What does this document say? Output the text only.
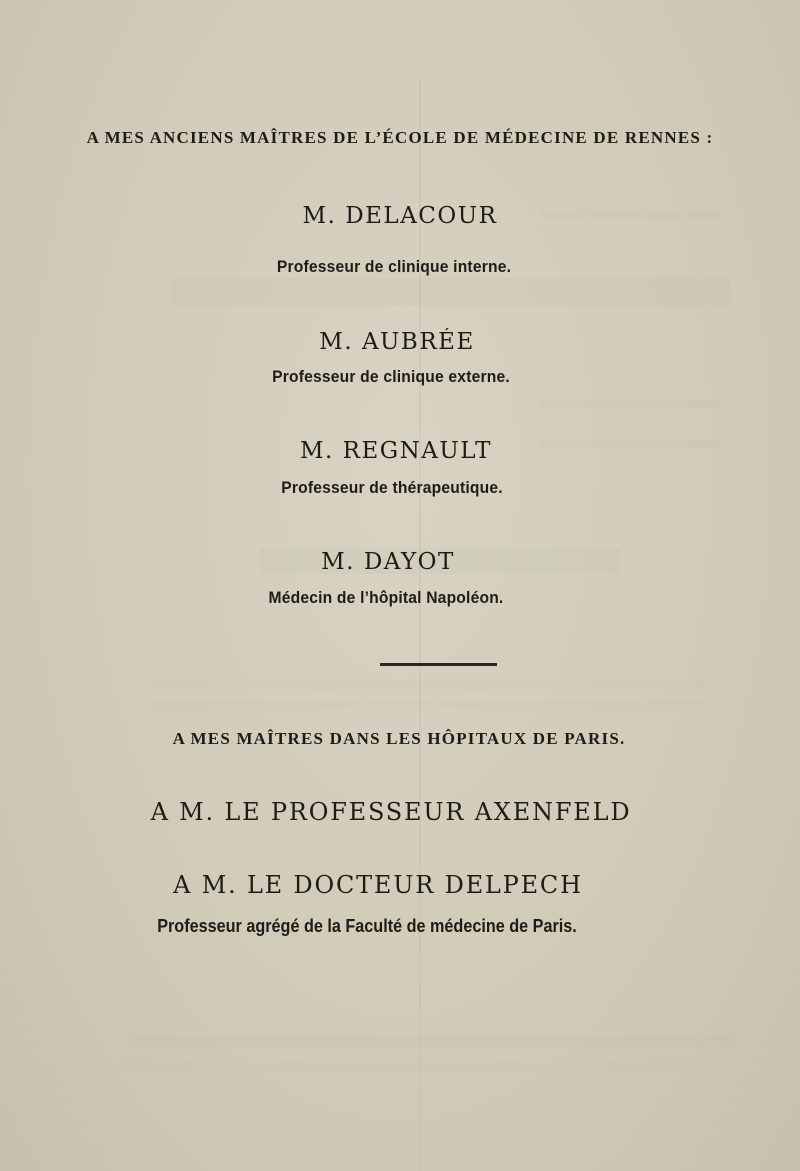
A MES ANCIENS MAÎTRES DE L’ÉCOLE DE MÉDECINE DE RENNES :
M. DELACOUR
Professeur de clinique interne.
M. AUBRÉE
Professeur de clinique externe.
M. REGNAULT
Professeur de thérapeutique.
M. DAYOT
Médecin de l’hôpital Napoléon.
A MES MAÎTRES DANS LES HÔPITAUX DE PARIS.
A M. LE PROFESSEUR AXENFELD
A M. LE DOCTEUR DELPECH
Professeur agrégé de la Faculté de médecine de Paris.
